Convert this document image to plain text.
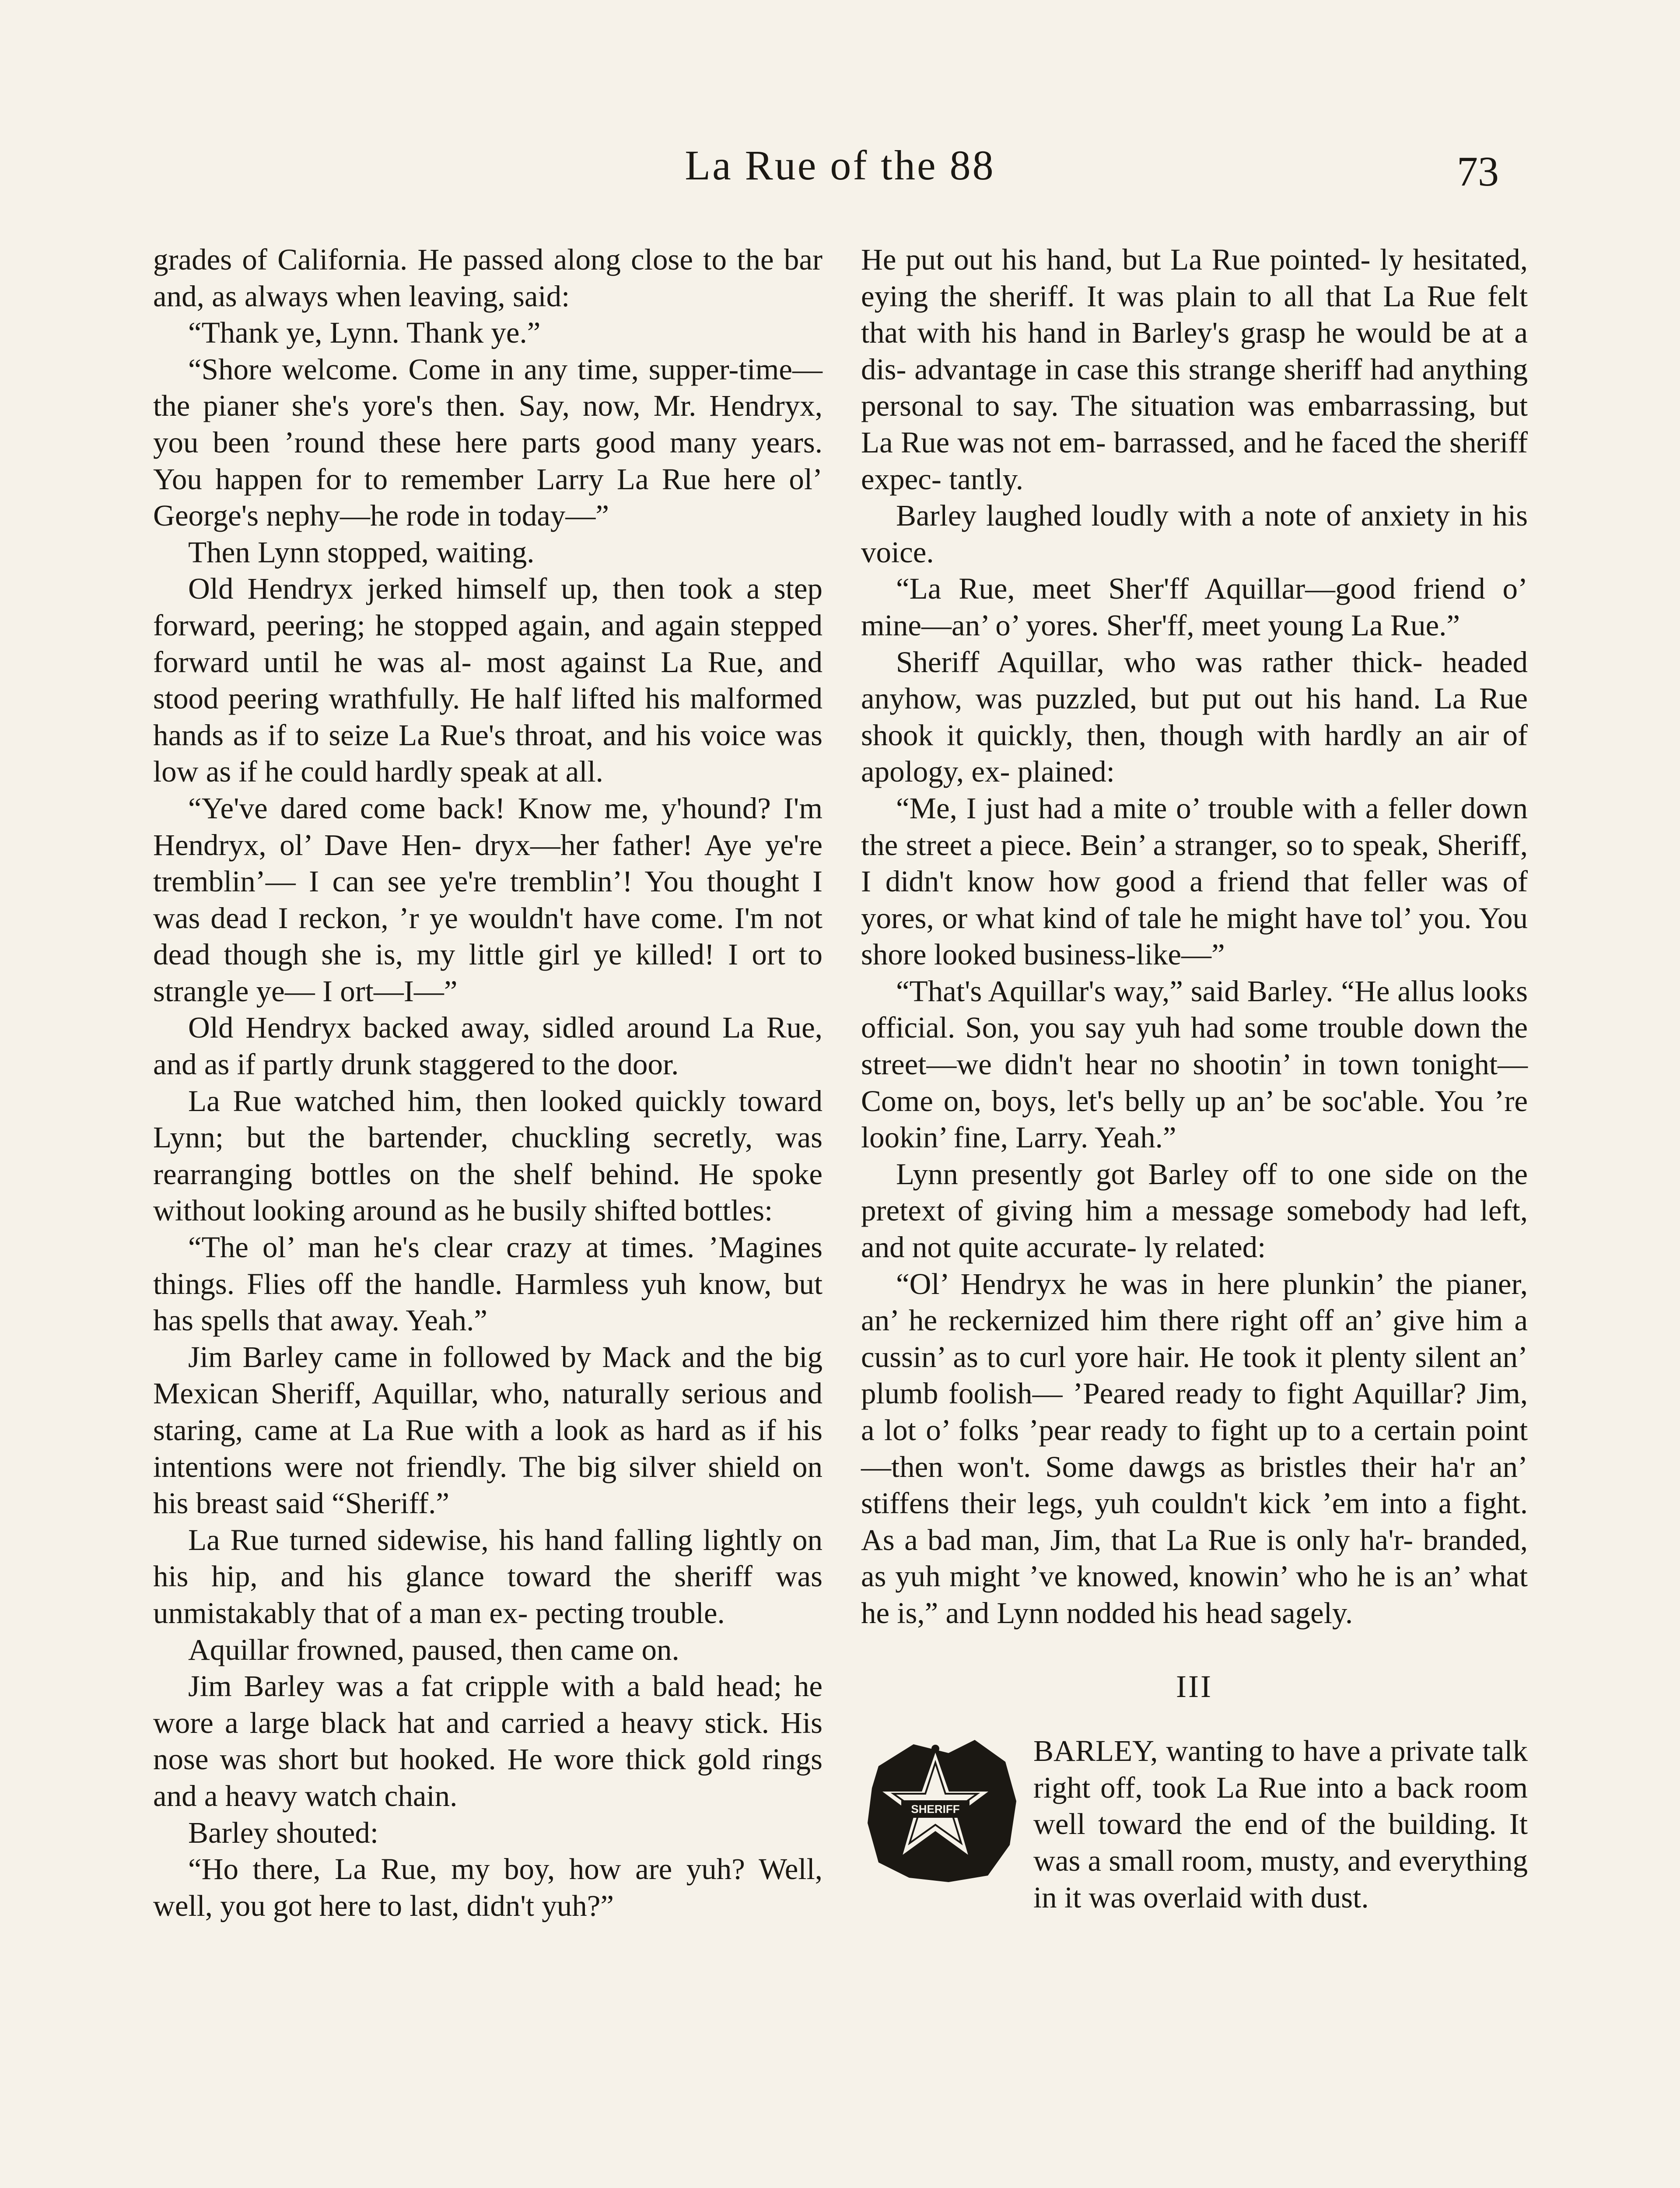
La Rue of the 88	73

grades of California. He passed along close to the bar and, as always when leaving, said:

“Thank ye, Lynn. Thank ye.”

“Shore welcome. Come in any time, supper-time—the pianer she's yore's then. Say, now, Mr. Hendryx, you been ’round these here parts good many years. You happen for to remember Larry La Rue here ol’ George's nephy—he rode in today—”

Then Lynn stopped, waiting.

Old Hendryx jerked himself up, then took a step forward, peering; he stopped again, and again stepped forward until he was al- most against La Rue, and stood peering wrathfully. He half lifted his malformed hands as if to seize La Rue's throat, and his voice was low as if he could hardly speak at all.

“Ye've dared come back! Know me, y'hound? I'm Hendryx, ol’ Dave Hen- dryx—her father! Aye ye're tremblin’— I can see ye're tremblin’! You thought I was dead I reckon, ’r ye wouldn't have come. I'm not dead though she is, my little girl ye killed! I ort to strangle ye— I ort—I—”

Old Hendryx backed away, sidled around La Rue, and as if partly drunk staggered to the door.

La Rue watched him, then looked quickly toward Lynn; but the bartender, chuckling secretly, was rearranging bottles on the shelf behind. He spoke without looking around as he busily shifted bottles:

“The ol’ man he's clear crazy at times. ’Magines things. Flies off the handle. Harmless yuh know, but has spells that away. Yeah.”

Jim Barley came in followed by Mack and the big Mexican Sheriff, Aquillar, who, naturally serious and staring, came at La Rue with a look as hard as if his intentions were not friendly. The big silver shield on his breast said “Sheriff.”

La Rue turned sidewise, his hand falling lightly on his hip, and his glance toward the sheriff was unmistakably that of a man ex- pecting trouble.

Aquillar frowned, paused, then came on.

Jim Barley was a fat cripple with a bald head; he wore a large black hat and carried a heavy stick. His nose was short but hooked. He wore thick gold rings and a heavy watch chain.

Barley shouted:

“Ho there, La Rue, my boy, how are yuh? Well, well, you got here to last, didn't yuh?”

He put out his hand, but La Rue pointed- ly hesitated, eying the sheriff. It was plain to all that La Rue felt that with his hand in Barley's grasp he would be at a dis- advantage in case this strange sheriff had anything personal to say. The situation was embarrassing, but La Rue was not em- barrassed, and he faced the sheriff expec- tantly.

Barley laughed loudly with a note of anxiety in his voice.

“La Rue, meet Sher'ff Aquillar—good friend o’ mine—an’ o’ yores. Sher'ff, meet young La Rue.”

Sheriff Aquillar, who was rather thick- headed anyhow, was puzzled, but put out his hand. La Rue shook it quickly, then, though with hardly an air of apology, ex- plained:

“Me, I just had a mite o’ trouble with a feller down the street a piece. Bein’ a stranger, so to speak, Sheriff, I didn't know how good a friend that feller was of yores, or what kind of tale he might have tol’ you. You shore looked business-like—”

“That's Aquillar's way,” said Barley. “He allus looks official. Son, you say yuh had some trouble down the street—we didn't hear no shootin’ in town tonight— Come on, boys, let's belly up an’ be soc'able. You ’re lookin’ fine, Larry. Yeah.”

Lynn presently got Barley off to one side on the pretext of giving him a message somebody had left, and not quite accurate- ly related:

“Ol’ Hendryx he was in here plunkin’ the pianer, an’ he reckernized him there right off an’ give him a cussin’ as to curl yore hair. He took it plenty silent an’ plumb foolish— ’Peared ready to fight Aquillar? Jim, a lot o’ folks ’pear ready to fight up to a certain point—then won't. Some dawgs as bristles their ha'r an’ stiffens their legs, yuh couldn't kick ’em into a fight. As a bad man, Jim, that La Rue is only ha'r- branded, as yuh might ’ve knowed, knowin’ who he is an’ what he is,” and Lynn nodded his head sagely.

III
SHERIFF

BARLEY, wanting to have a private talk right off, took La Rue into a back room well toward the end of the building. It was a small room, musty, and everything in it was overlaid with dust.
